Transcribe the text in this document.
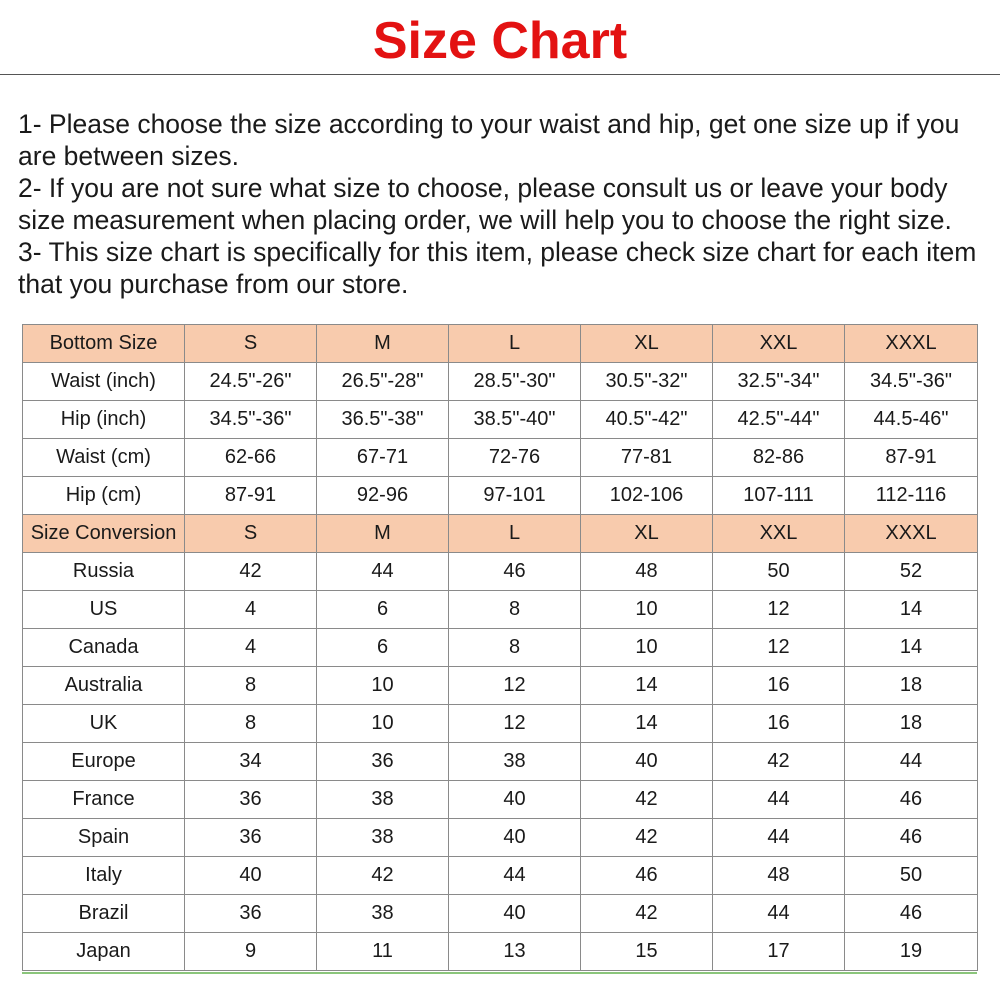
Size Chart

1- Please choose the size according to your waist and hip, get one size up if you are between sizes.

2- If you are not sure what size to choose, please consult us or leave your body size measurement when placing order, we will help you to choose the right size.

3- This size chart is specifically for this item, please check size chart for each item that you purchase from our store.

Bottom Size	S	M	L	XL	XXL	XXXL
Waist (inch)	24.5"-26"	26.5"-28"	28.5"-30"	30.5"-32"	32.5"-34"	34.5"-36"
Hip (inch)	34.5"-36"	36.5"-38"	38.5"-40"	40.5"-42"	42.5"-44"	44.5-46"
Waist (cm)	62-66	67-71	72-76	77-81	82-86	87-91
Hip (cm)	87-91	92-96	97-101	102-106	107-111	112-116
Size Conversion	S	M	L	XL	XXL	XXXL
Russia	42	44	46	48	50	52
US	4	6	8	10	12	14
Canada	4	6	8	10	12	14
Australia	8	10	12	14	16	18
UK	8	10	12	14	16	18
Europe	34	36	38	40	42	44
France	36	38	40	42	44	46
Spain	36	38	40	42	44	46
Italy	40	42	44	46	48	50
Brazil	36	38	40	42	44	46
Japan	9	11	13	15	17	19
